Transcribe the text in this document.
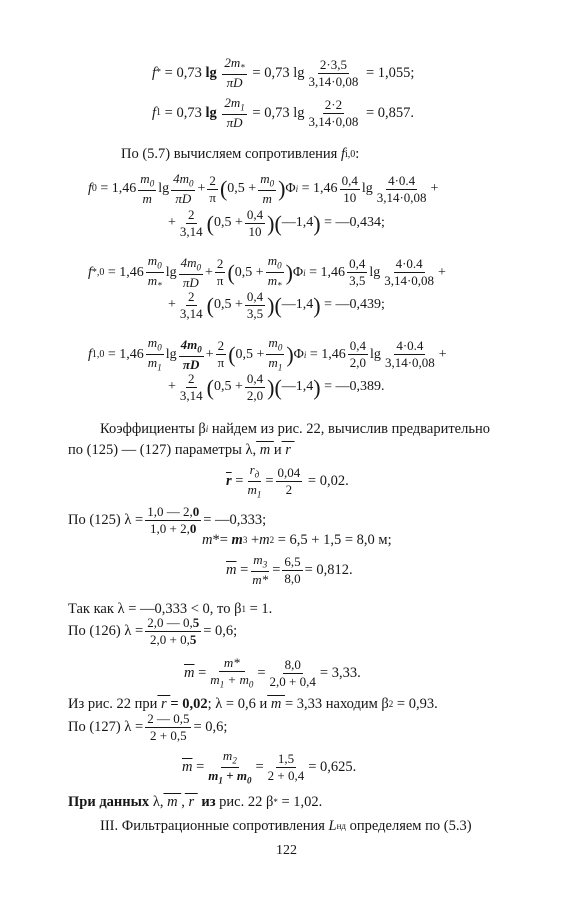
f * = 0,73 lg
$2m_*$
πD
= 0,73 lg
2·3,5
3,14·0,08
= 1,055;
f 1 = 0,73 lg
$2m_1$
πD
= 0,73 lg
2·2
3,14·0,08
= 0,857.
По (5.7) вычисляем сопротивления f i,0 :
f 0 = 1,46
$m_0$
m
lg
$4m_0$
πD
+
2
π ( 0,5 +
$m_0$
m ) Φ i = 1,46
0,4
10
lg
4·0.4
3,14·0,08
+
+
2
3,14 ( 0,5 +
0,4
10 ) ( —1,4 ) = —0,434;
f *,0 = 1,46
$m_0$
$m_*$
lg
$4m_0$
πD
+
2
π ( 0,5 +
$m_0$
$m_*$
) Φ i = 1,46
0,4
3,5
lg
4·0.4
3,14·0,08
+
+
2
3,14 ( 0,5 +
0,4
3,5 ) ( —1,4 ) = —0,439;
f 1,0 = 1,46
$m_0$
$m_1$
lg
$4m_0$
πD
+
2
π ( 0,5 +
$m_0$
$m_1$
) Φ i = 1,46
0,4
2,0
lg
4·0.4
3,14·0,08
+
+
2
3,14 ( 0,5 +
0,4
2,0 ) ( —1,4 ) = —0,389.
Коэффициенты β i найдем из рис. 22, вычислив предварительно
по (125) — (127) параметры λ, m и r
$\overline{r}$ =
$r_д$
$m_1$
=
0,04
2
= 0,02.
По (125) λ =
1,0 — 2,0
1,0 + 2,0
= —0,333;
m *= m 3 + m 2 = 6,5 + 1,5 = 8,0 м;
$\overline{m}$ =
$m_3$
m*
=
6,5
8,0
= 0,812.
Так как λ = —0,333 < 0, то β 1 = 1.
По (126) λ =
2,0 — 0,5
2,0 + 0,5
= 0,6;
$\overline{m}$ =
m*
$m_1 + m_0$
=
8,0
2,0 + 0,4
= 3,33.
Из рис. 22 при r = 0,02 ; λ = 0,6 и m = 3,33 находим β 2 = 0,93.
По (127) λ =
2 — 0,5
2 + 0,5
= 0,6;
$\overline{m}$ =
$m_2$
$m_1 + m_0$
=
1,5
2 + 0,4
= 0,625.
При данных λ, m , r из рис. 22 β * = 1,02.
III. Фильтрационные сопротивления L нд определяем по (5.3)
122
